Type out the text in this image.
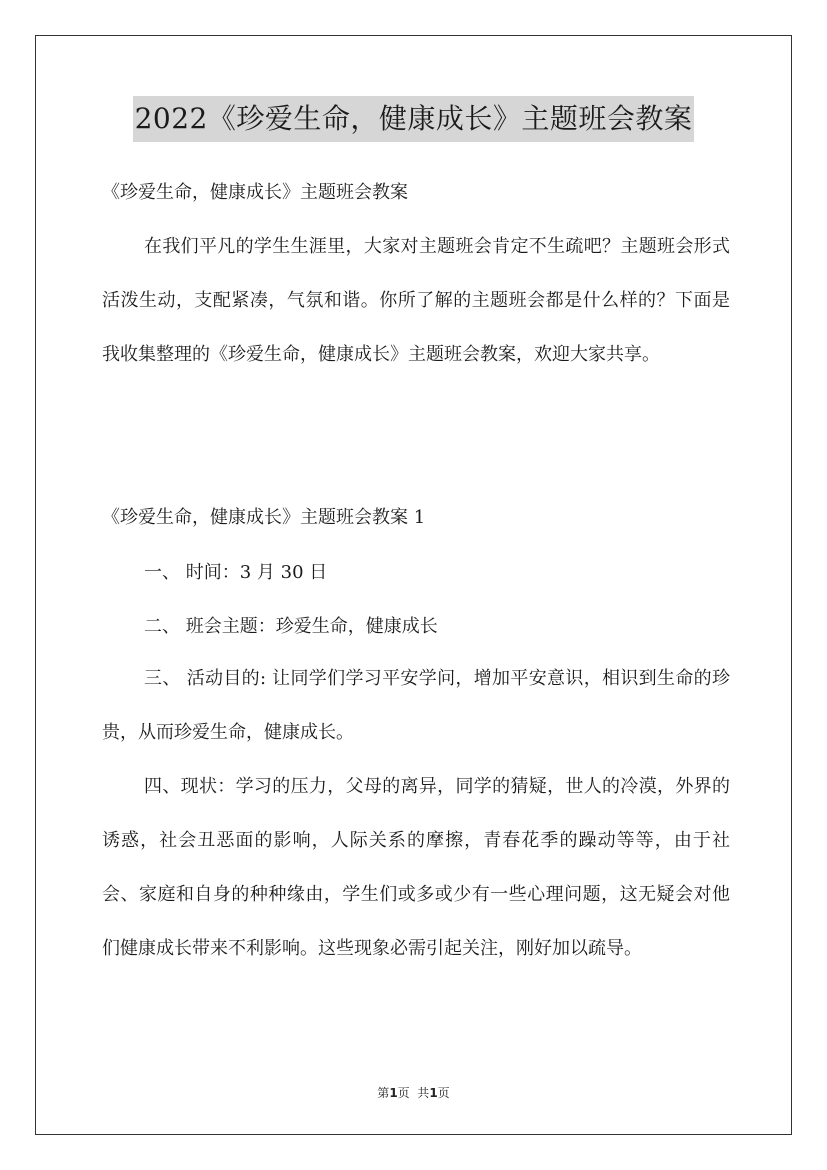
2022《珍爱生命，健康成长》主题班会教案

《珍爱生命，健康成长》主题班会教案

在我们平凡的学生生涯里，大家对主题班会肯定不生疏吧？主题班会形式活泼生动，支配紧凑，气氛和谐。你所了解的主题班会都是什么样的？下面是我收集整理的《珍爱生命，健康成长》主题班会教案，欢迎大家共享。

《珍爱生命，健康成长》主题班会教案 1

一、 时间：3 月 30 日
二、 班会主题：珍爱生命，健康成长

三、 活动目的: 让同学们学习平安学问，增加平安意识，相识到生命的珍贵，从而珍爱生命，健康成长。

四、现状：学习的压力，父母的离异，同学的猜疑，世人的冷漠，外界的诱惑，社会丑恶面的影响，人际关系的摩擦，青春花季的躁动等等，由于社会、家庭和自身的种种缘由，学生们或多或少有一些心理问题，这无疑会对他们健康成长带来不利影响。这些现象必需引起关注，刚好加以疏导。

第1页  共1页
